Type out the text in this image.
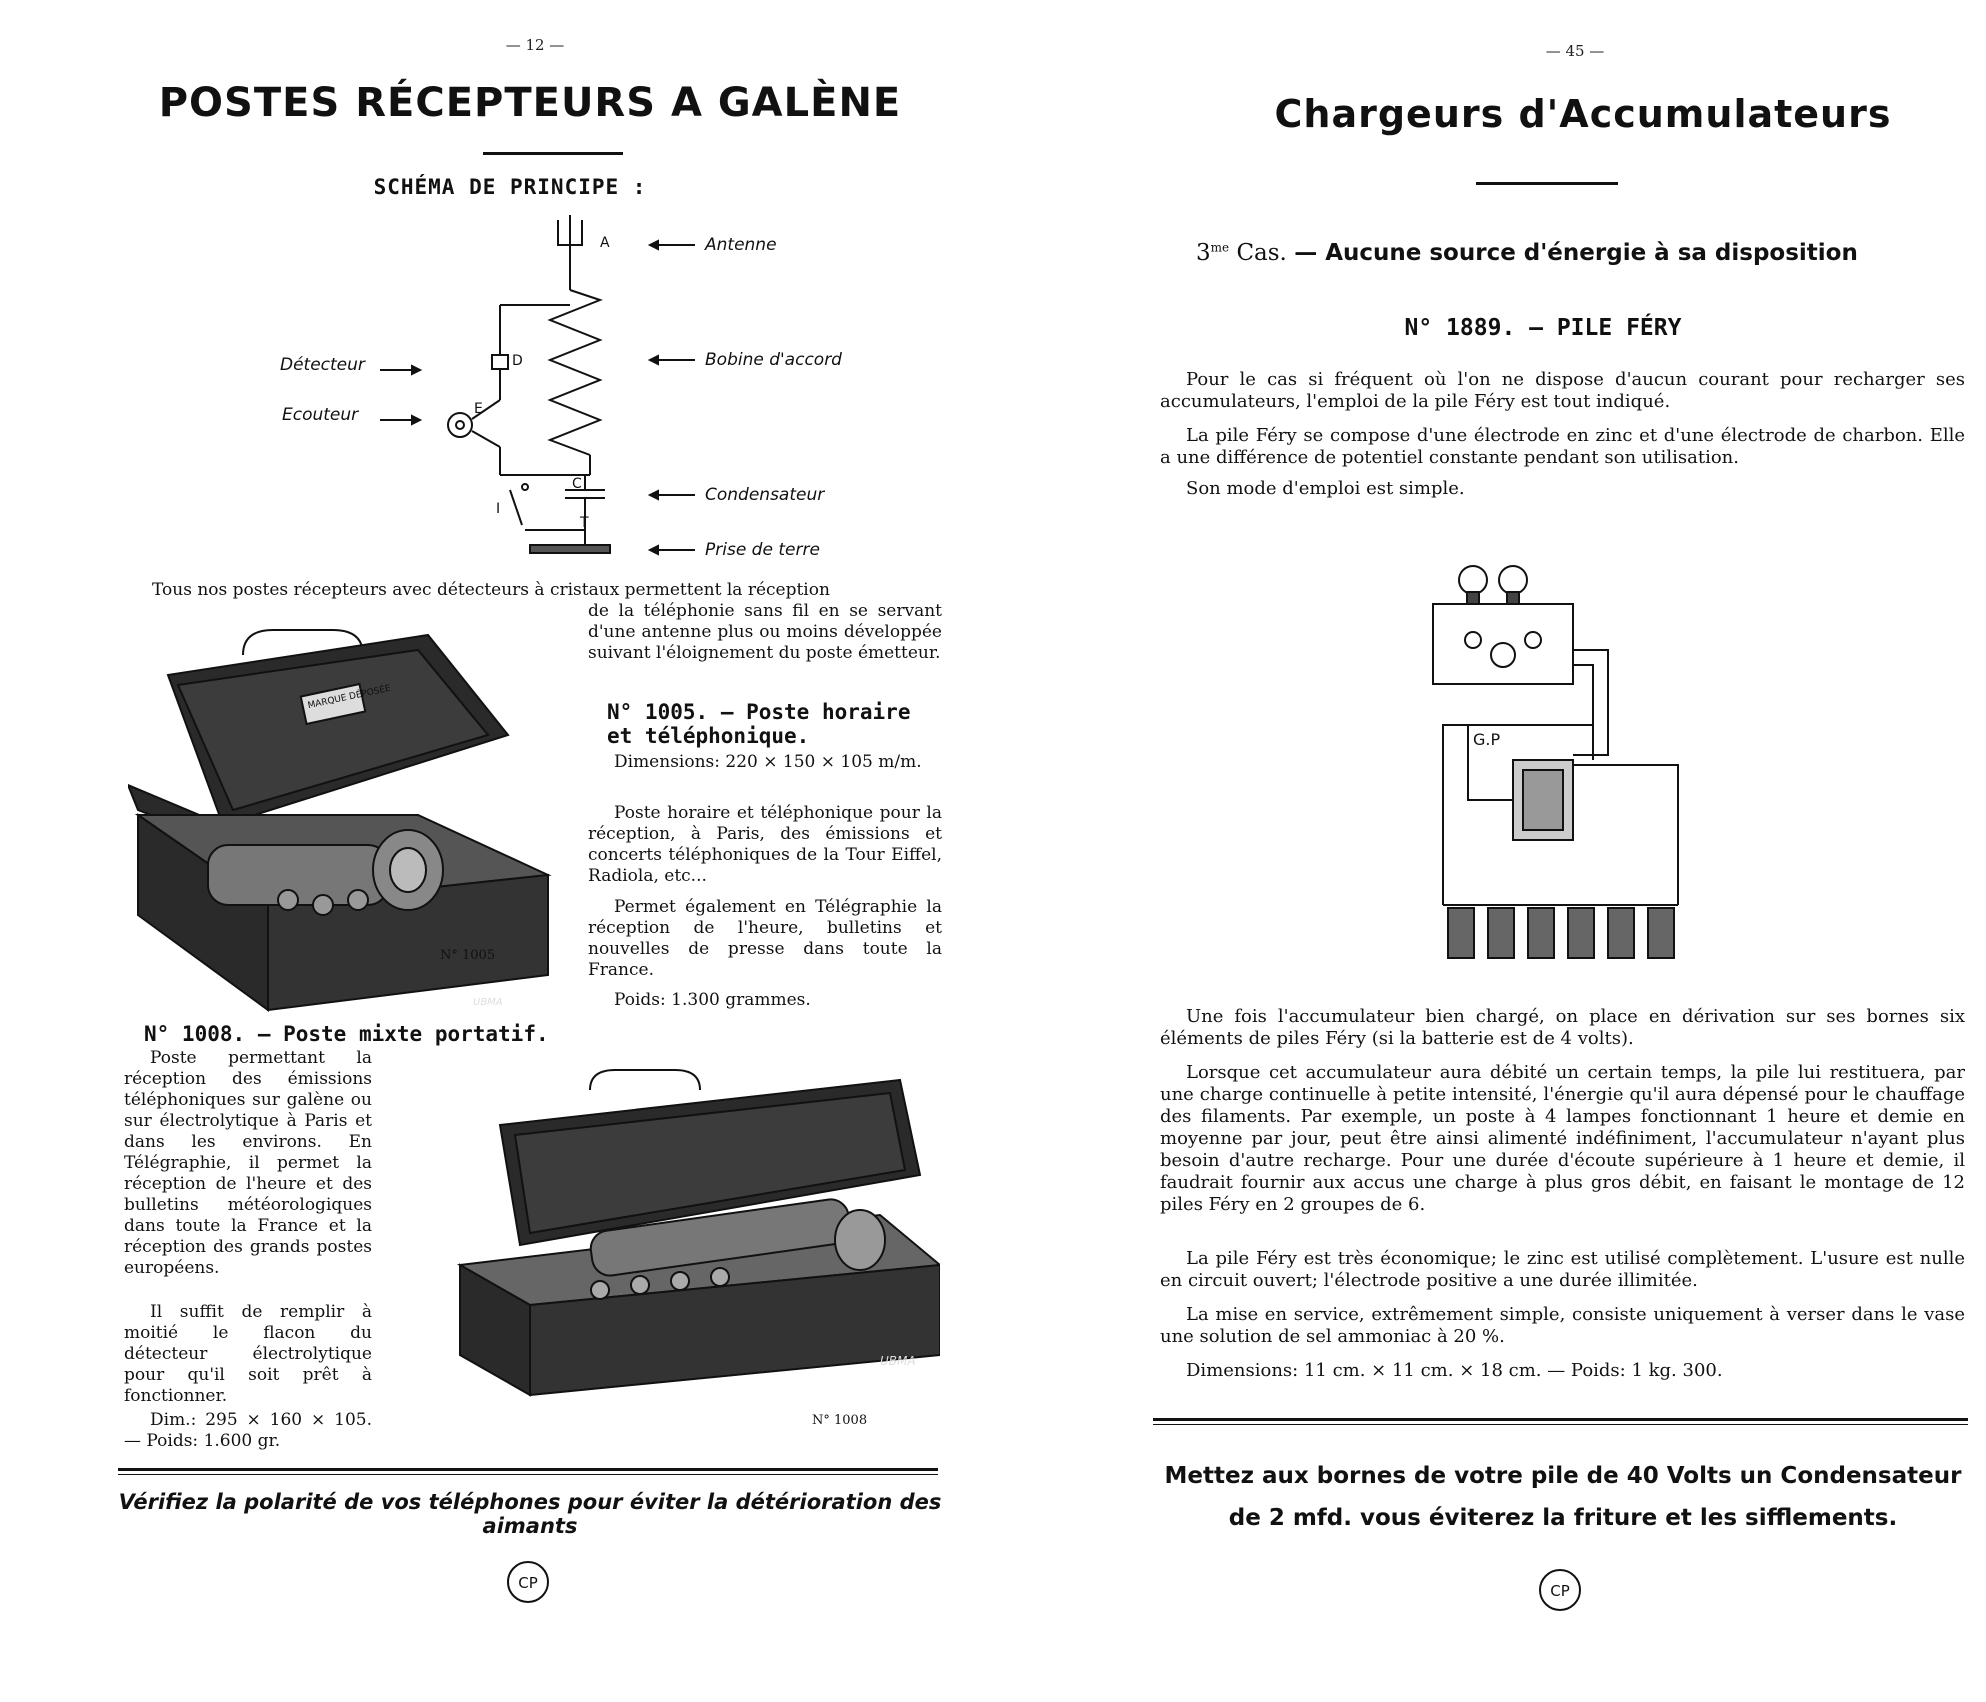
— 12 —
POSTES RÉCEPTEURS A GALÈNE
SCHÉMA DE PRINCIPE :
A
D
E
C
I
T
Antenne
Bobine d'accord
Condensateur
Prise de terre
Détecteur
Ecouteur
Tous nos postes récepteurs avec détecteurs à cristaux permettent la réception
de la téléphonie sans fil en se servant d'une antenne plus ou moins développée suivant l'éloignement du poste émetteur.
MARQUE DÉPOSÉE
UBMA
N° 1005
N° 1005. — Poste horaire et téléphonique.
Dimensions: 220 × 150 × 105 m/m.
Poste horaire et téléphonique pour la réception, à Paris, des émissions et concerts téléphoniques de la Tour Eiffel, Radiola, etc...
Permet également en Télégraphie la réception de l'heure, bulletins et nouvelles de presse dans toute la France.
Poids: 1.300 grammes.
N° 1008. — Poste mixte portatif.
Poste permettant la réception des émissions téléphoniques sur galène ou sur électrolytique à Paris et dans les environs. En Télégraphie, il permet la réception de l'heure et des bulletins météorologiques dans toute la France et la réception des grands postes européens.
Il suffit de remplir à moitié le flacon du détecteur électrolytique pour qu'il soit prêt à fonctionner.
Dim.: 295 × 160 × 105. — Poids: 1.600 gr.
UBMA
N° 1008
Vérifiez la polarité de vos téléphones pour éviter la détérioration des aimants
CP
— 45 —
Chargeurs d'Accumulateurs
$3^{me}$ Cas. — Aucune source d'énergie à sa disposition
N° 1889. — PILE FÉRY
Pour le cas si fréquent où l'on ne dispose d'aucun courant pour recharger ses accumulateurs, l'emploi de la pile Féry est tout indiqué.
La pile Féry se compose d'une électrode en zinc et d'une électrode de charbon. Elle a une différence de potentiel constante pendant son utilisation.
Son mode d'emploi est simple.
G.P
Une fois l'accumulateur bien chargé, on place en dérivation sur ses bornes six éléments de piles Féry (si la batterie est de 4 volts).
Lorsque cet accumulateur aura débité un certain temps, la pile lui restituera, par une charge continuelle à petite intensité, l'énergie qu'il aura dépensé pour le chauffage des filaments. Par exemple, un poste à 4 lampes fonctionnant 1 heure et demie en moyenne par jour, peut être ainsi alimenté indéfiniment, l'accumulateur n'ayant plus besoin d'autre recharge. Pour une durée d'écoute supérieure à 1 heure et demie, il faudrait fournir aux accus une charge à plus gros débit, en faisant le montage de 12 piles Féry en 2 groupes de 6.
La pile Féry est très économique; le zinc est utilisé complètement. L'usure est nulle en circuit ouvert; l'électrode positive a une durée illimitée.
La mise en service, extrêmement simple, consiste uniquement à verser dans le vase une solution de sel ammoniac à 20 %.
Dimensions: 11 cm. × 11 cm. × 18 cm. — Poids: 1 kg. 300.
Mettez aux bornes de votre pile de 40 Volts un Condensateur
de 2 mfd. vous éviterez la friture et les sifflements.
CP
